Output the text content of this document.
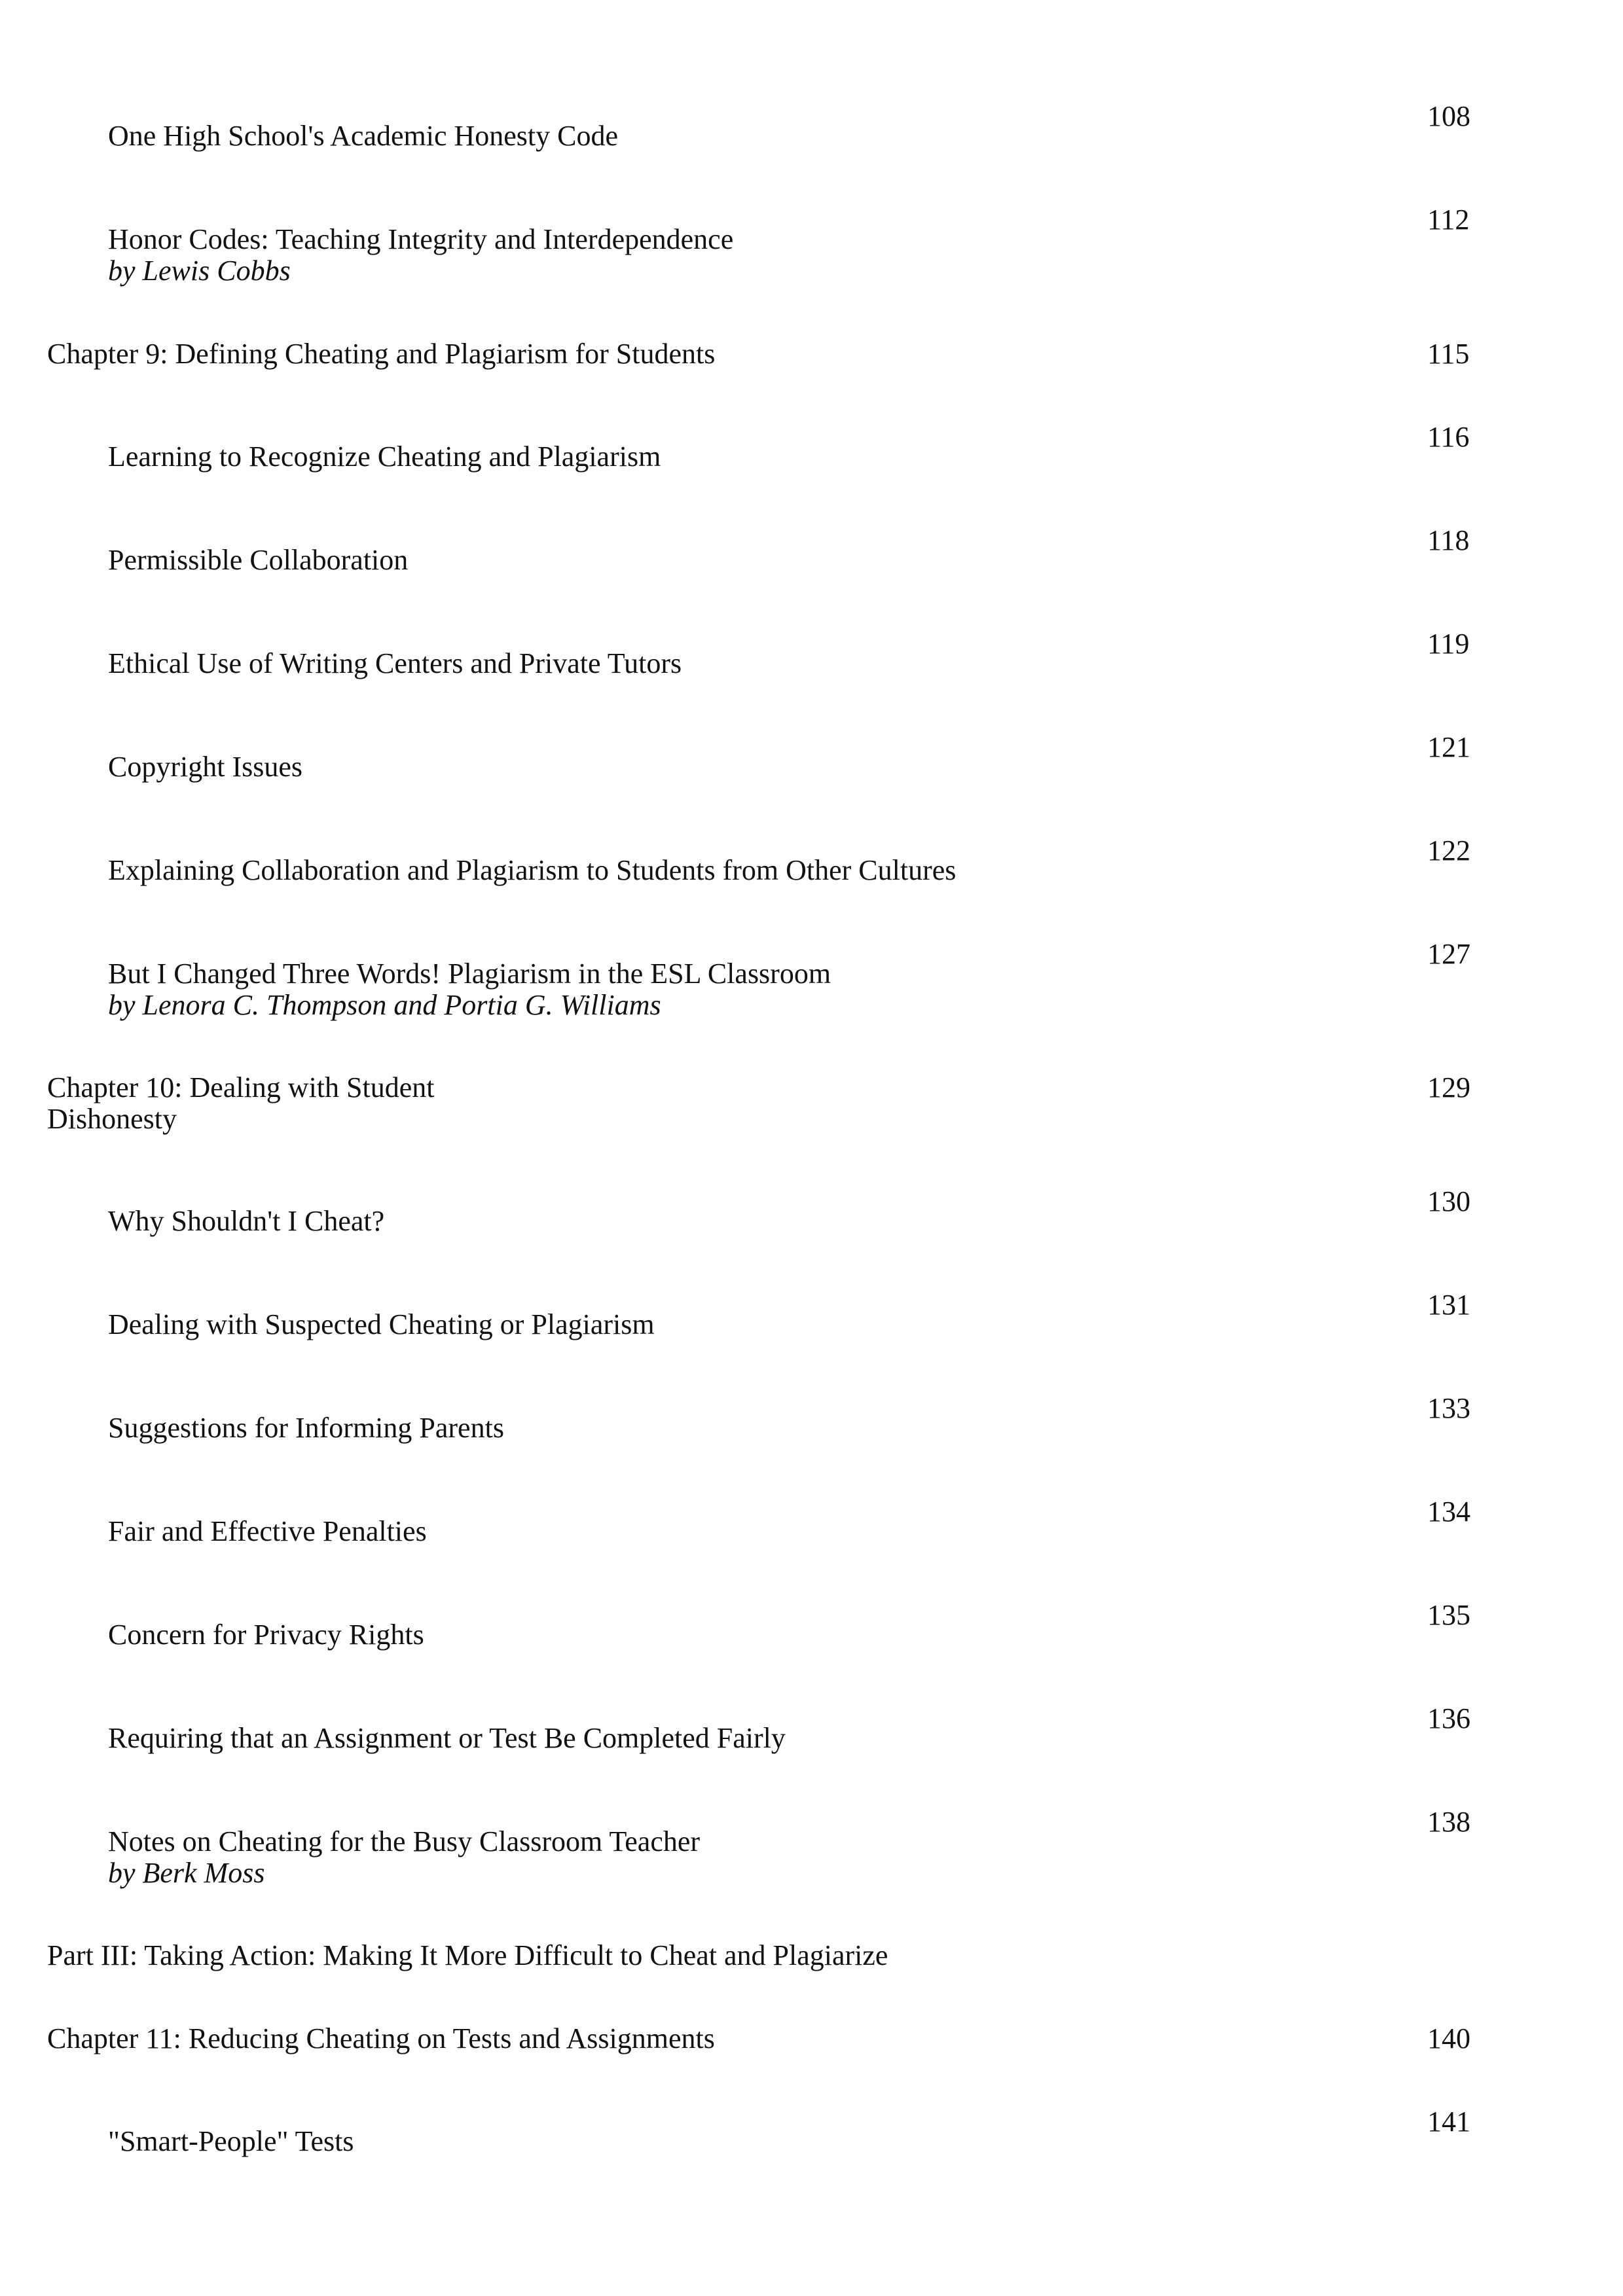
One High School's Academic Honesty Code
108
Honor Codes: Teaching Integrity and Interdependence
by Lewis Cobbs
112
Chapter 9: Defining Cheating and Plagiarism for Students	115
Learning to Recognize Cheating and Plagiarism
116
Permissible Collaboration
118
Ethical Use of Writing Centers and Private Tutors
119
Copyright Issues
121
Explaining Collaboration and Plagiarism to Students from Other Cultures
122
But I Changed Three Words! Plagiarism in the ESL Classroom
by Lenora C. Thompson and Portia G. Williams
127
Chapter 10: Dealing with Student
Dishonesty
129
Why Shouldn't I Cheat?
130
Dealing with Suspected Cheating or Plagiarism
131
Suggestions for Informing Parents
133
Fair and Effective Penalties
134
Concern for Privacy Rights
135
Requiring that an Assignment or Test Be Completed Fairly
136
Notes on Cheating for the Busy Classroom Teacher
by Berk Moss
138
Part III: Taking Action: Making It More Difficult to Cheat and Plagiarize
Chapter 11: Reducing Cheating on Tests and Assignments	140
"Smart-People" Tests
141
